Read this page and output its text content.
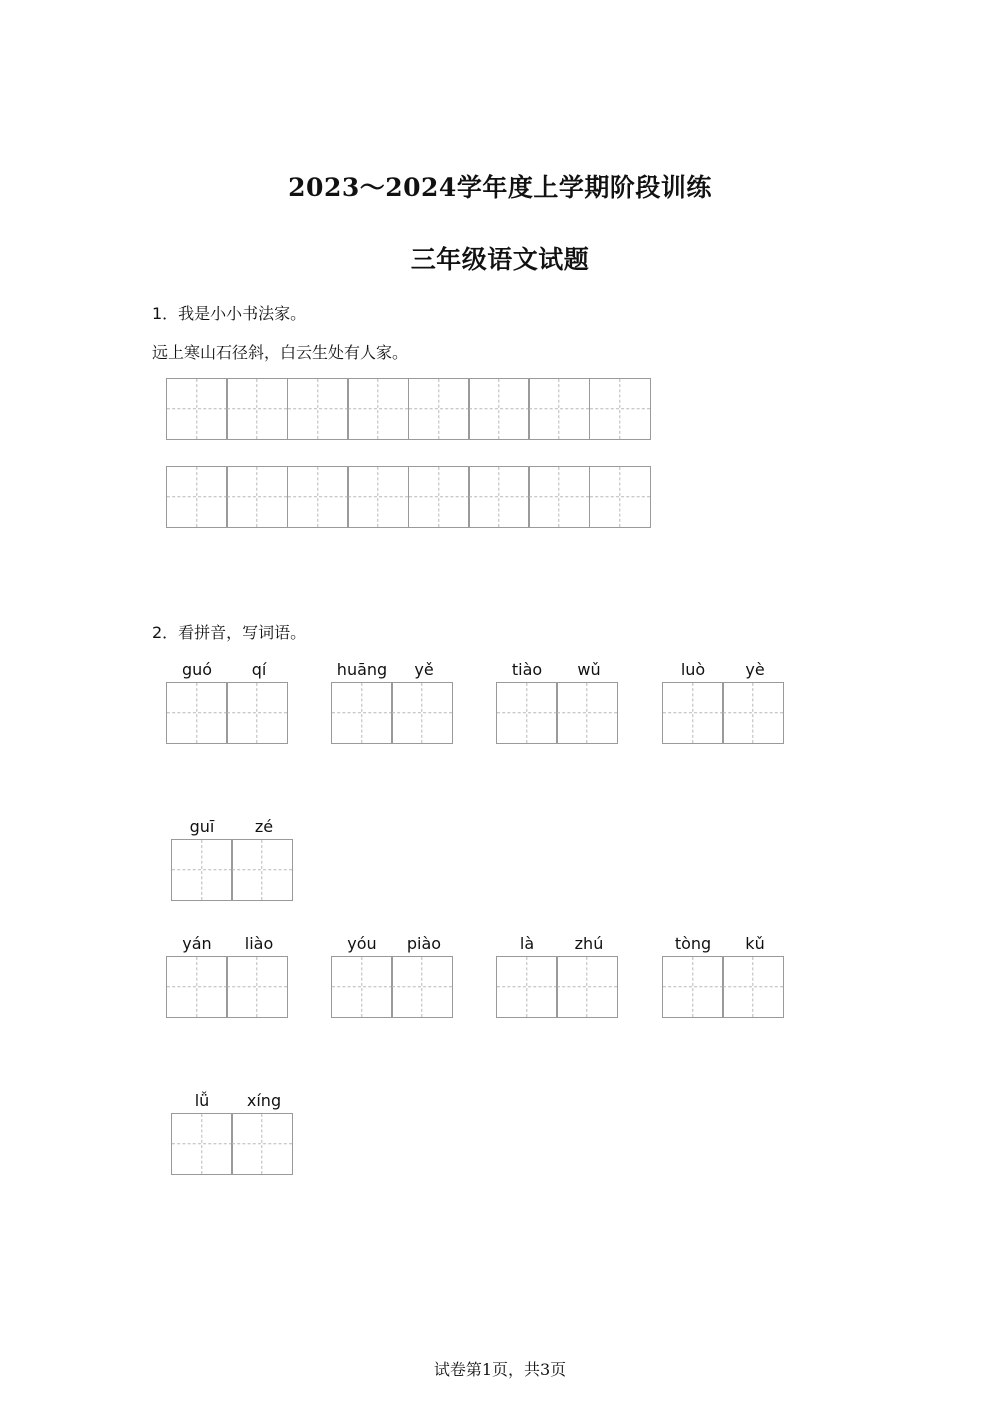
2023～2024学年度上学期阶段训练
三年级语文试题
1．我是小小书法家。
远上寒山石径斜，白云生处有人家。
2．看拼音，写词语。
guó	qí	huāng	yě	tiào	wǔ	luò	yè
guī	zé
yán	liào	yóu	piào	là	zhú	tòng	kǔ
lǚ	xíng
试卷第1页，共3页
